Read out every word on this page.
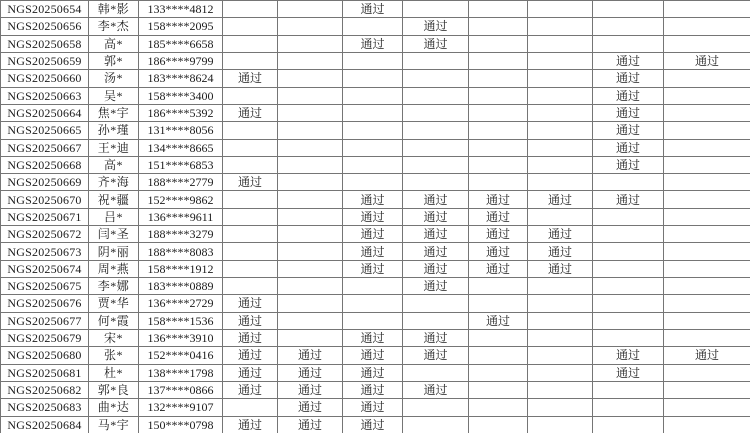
NGS20250654	韩*影	133****4812			通过					
NGS20250656	李*杰	158****2095				通过				
NGS20250658	高*	185****6658			通过	通过				
NGS20250659	郭*	186****9799							通过	通过
NGS20250660	汤*	183****8624	通过						通过	
NGS20250663	吴*	158****3400							通过	
NGS20250664	焦*宇	186****5392	通过						通过	
NGS20250665	孙*瑾	131****8056							通过	
NGS20250667	王*迪	134****8665							通过	
NGS20250668	高*	151****6853							通过	
NGS20250669	齐*海	188****2779	通过							
NGS20250670	祝*疆	152****9862			通过	通过	通过	通过	通过	
NGS20250671	吕*	136****9611			通过	通过	通过			
NGS20250672	闫*圣	188****3279			通过	通过	通过	通过		
NGS20250673	阴*丽	188****8083			通过	通过	通过	通过		
NGS20250674	周*燕	158****1912			通过	通过	通过	通过		
NGS20250675	李*娜	183****0889				通过				
NGS20250676	贾*华	136****2729	通过							
NGS20250677	何*霞	158****1536	通过				通过			
NGS20250679	宋*	136****3910	通过		通过	通过				
NGS20250680	张*	152****0416	通过	通过	通过	通过			通过	通过
NGS20250681	杜*	138****1798	通过	通过	通过				通过	
NGS20250682	郭*良	137****0866	通过	通过	通过	通过				
NGS20250683	曲*达	132****9107		通过	通过					
NGS20250684	马*宇	150****0798	通过	通过	通过					
